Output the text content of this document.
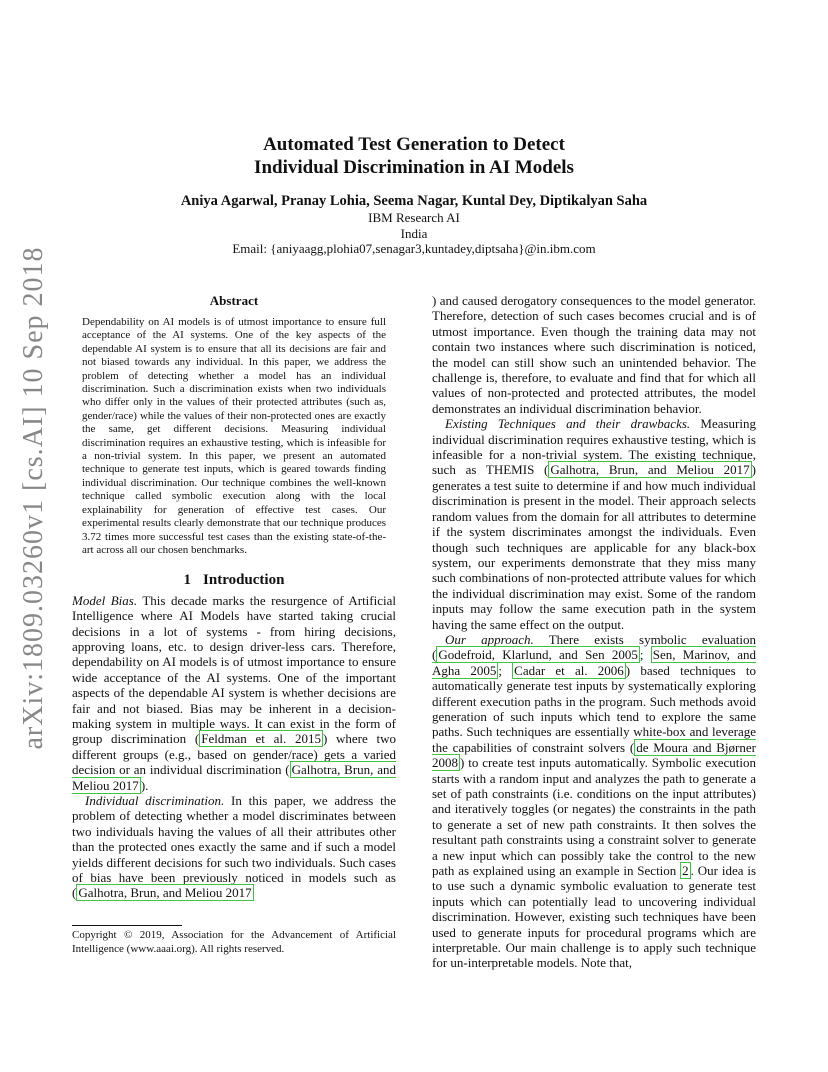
arXiv:1809.03260v1 [cs.AI] 10 Sep 2018
Automated Test Generation to Detect
Individual Discrimination in AI Models
Aniya Agarwal, Pranay Lohia, Seema Nagar, Kuntal Dey, Diptikalyan Saha
IBM Research AI
India
Email: {aniyaagg,plohia07,senagar3,kuntadey,diptsaha}@in.ibm.com
Abstract
Dependability on AI models is of utmost importance to ensure full acceptance of the AI systems. One of the key aspects of the dependable AI system is to ensure that all its decisions are fair and not biased towards any individual. In this paper, we address the problem of detecting whether a model has an individual discrimination. Such a discrimination exists when two individuals who differ only in the values of their protected attributes (such as, gender/race) while the values of their non-protected ones are exactly the same, get different decisions. Measuring individual discrimination requires an exhaustive testing, which is infeasible for a non-trivial system. In this paper, we present an automated technique to generate test inputs, which is geared towards finding individual discrimination. Our technique combines the well-known technique called symbolic execution along with the local explainability for generation of effective test cases. Our experimental results clearly demonstrate that our technique produces 3.72 times more successful test cases than the existing state-of-the-art across all our chosen benchmarks.
1 Introduction

Model Bias. This decade marks the resurgence of Artificial Intelligence where AI Models have started taking crucial decisions in a lot of systems - from hiring decisions, approving loans, etc. to design driver-less cars. Therefore, dependability on AI models is of utmost importance to ensure wide acceptance of the AI systems. One of the important aspects of the dependable AI system is whether decisions are fair and not biased. Bias may be inherent in a decision-making system in multiple ways. It can exist in the form of group discrimination ( Feldman et al. 2015 ) where two different groups (e.g., based on gender/race) gets a varied decision or an individual discrimination ( Galhotra, Brun, and Meliou 2017 ).

Individual discrimination. In this paper, we address the problem of detecting whether a model discriminates between two individuals having the values of all their attributes other than the protected ones exactly the same and if such a model yields different decisions for such two individuals. Such cases of bias have been previously noticed in models such as ( Galhotra, Brun, and Meliou 2017

Copyright © 2019, Association for the Advancement of Artificial Intelligence (www.aaai.org). All rights reserved.

) and caused derogatory consequences to the model generator. Therefore, detection of such cases becomes crucial and is of utmost importance. Even though the training data may not contain two instances where such discrimination is noticed, the model can still show such an unintended behavior. The challenge is, therefore, to evaluate and find that for which all values of non-protected and protected attributes, the model demonstrates an individual discrimination behavior.

Existing Techniques and their drawbacks. Measuring individual discrimination requires exhaustive testing, which is infeasible for a non-trivial system. The existing technique, such as THEMIS ( Galhotra, Brun, and Meliou 2017 ) generates a test suite to determine if and how much individual discrimination is present in the model. Their approach selects random values from the domain for all attributes to determine if the system discriminates amongst the individuals. Even though such techniques are applicable for any black-box system, our experiments demonstrate that they miss many such combinations of non-protected attribute values for which the individual discrimination may exist. Some of the random inputs may follow the same execution path in the system having the same effect on the output.

Our approach. There exists symbolic evaluation ( Godefroid, Klarlund, and Sen 2005 ; Sen, Marinov, and Agha 2005 ; Cadar et al. 2006 ) based techniques to automatically generate test inputs by systematically exploring different execution paths in the program. Such methods avoid generation of such inputs which tend to explore the same paths. Such techniques are essentially white-box and leverage the capabilities of constraint solvers ( de Moura and Bjørner 2008 ) to create test inputs automatically. Symbolic execution starts with a random input and analyzes the path to generate a set of path constraints (i.e. conditions on the input attributes) and iteratively toggles (or negates) the constraints in the path to generate a set of new path constraints. It then solves the resultant path constraints using a constraint solver to generate a new input which can possibly take the control to the new path as explained using an example in Section 2 . Our idea is to use such a dynamic symbolic evaluation to generate test inputs which can potentially lead to uncovering individual discrimination. However, existing such techniques have been used to generate inputs for procedural programs which are interpretable. Our main challenge is to apply such technique for un-interpretable models. Note that,
